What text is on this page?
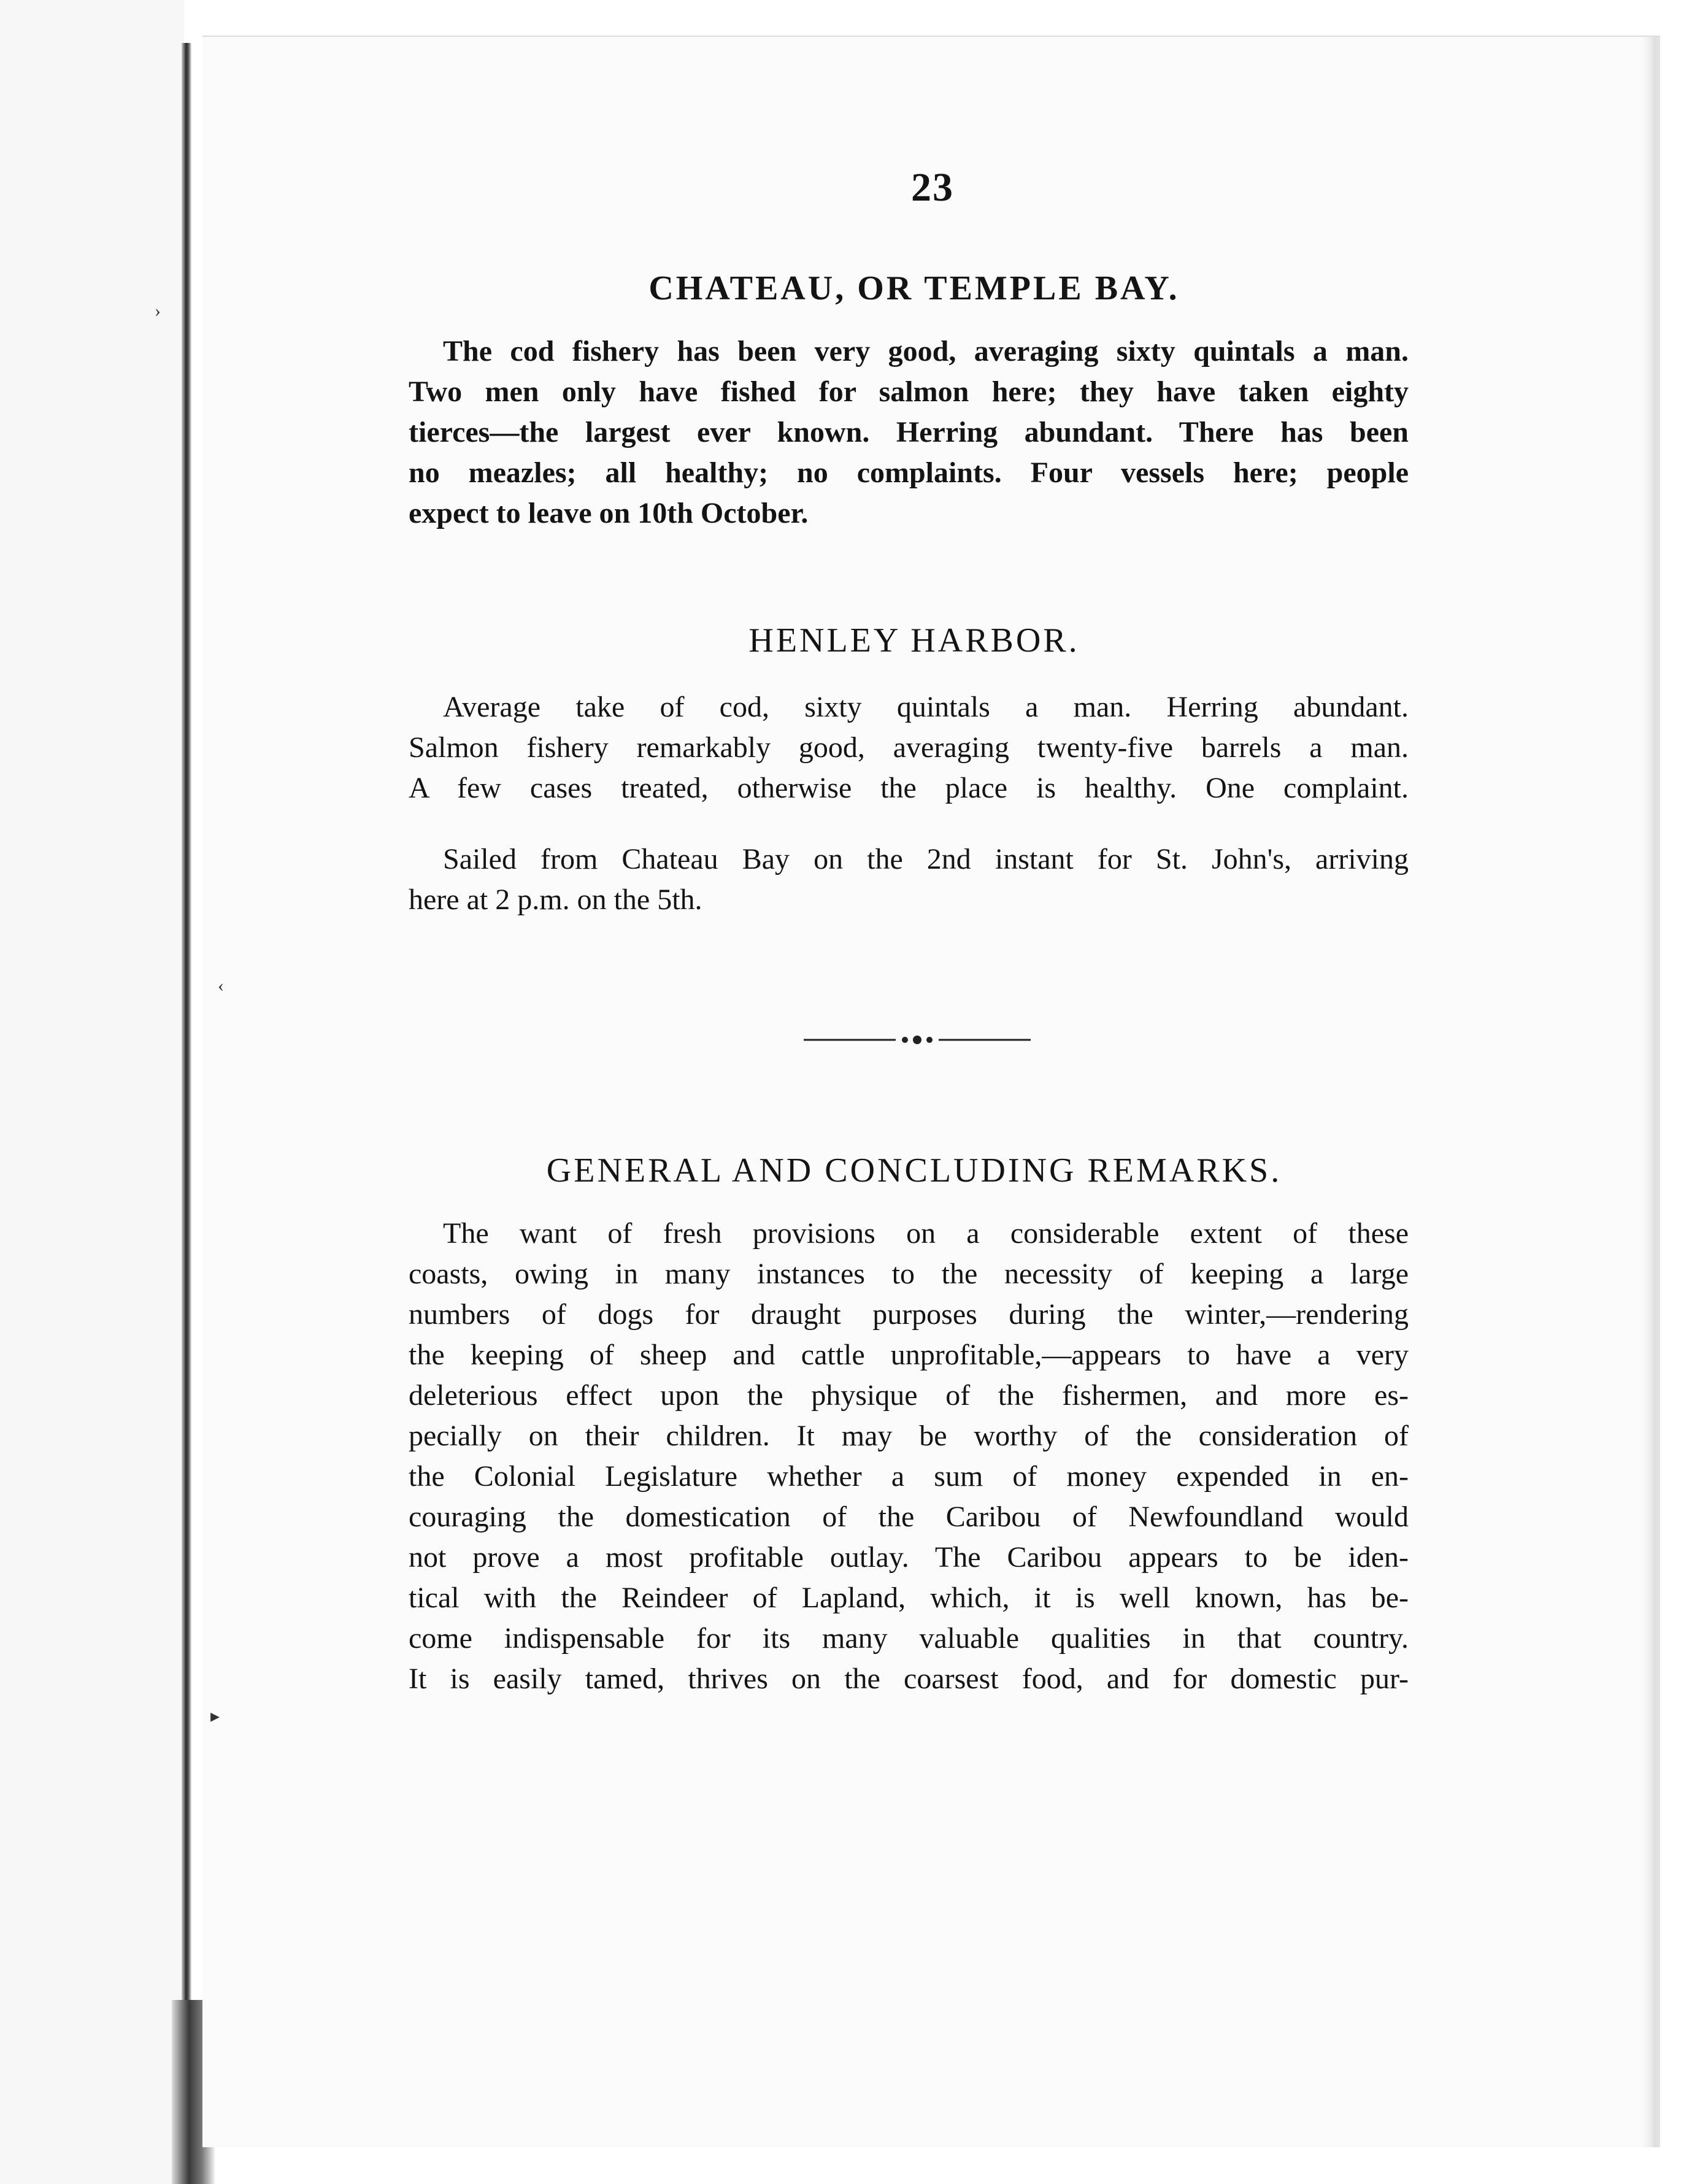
›
‹
▸
23
CHATEAU, OR TEMPLE BAY.

The cod fishery has been very good, averaging sixty quintals a man.
Two men only have fished for salmon here; they have taken eighty
tierces—the largest ever known. Herring abundant. There has been
no meazles; all healthy; no complaints. Four vessels here; people
expect to leave on 10th October.

HENLEY HARBOR.

Average take of cod, sixty quintals a man. Herring abundant.
Salmon fishery remarkably good, averaging twenty-five barrels a man.
A few cases treated, otherwise the place is healthy. One complaint.

Sailed from Chateau Bay on the 2nd instant for St. John's, arriving
here at 2 p.m. on the 5th.

GENERAL AND CONCLUDING REMARKS.

The want of fresh provisions on a considerable extent of these
coasts, owing in many instances to the necessity of keeping a large
numbers of dogs for draught purposes during the winter,—rendering
the keeping of sheep and cattle unprofitable,—appears to have a very
deleterious effect upon the physique of the fishermen, and more es-
pecially on their children. It may be worthy of the consideration of
the Colonial Legislature whether a sum of money expended in en-
couraging the domestication of the Caribou of Newfoundland would
not prove a most profitable outlay. The Caribou appears to be iden-
tical with the Reindeer of Lapland, which, it is well known, has be-
come indispensable for its many valuable qualities in that country.
It is easily tamed, thrives on the coarsest food, and for domestic pur-
